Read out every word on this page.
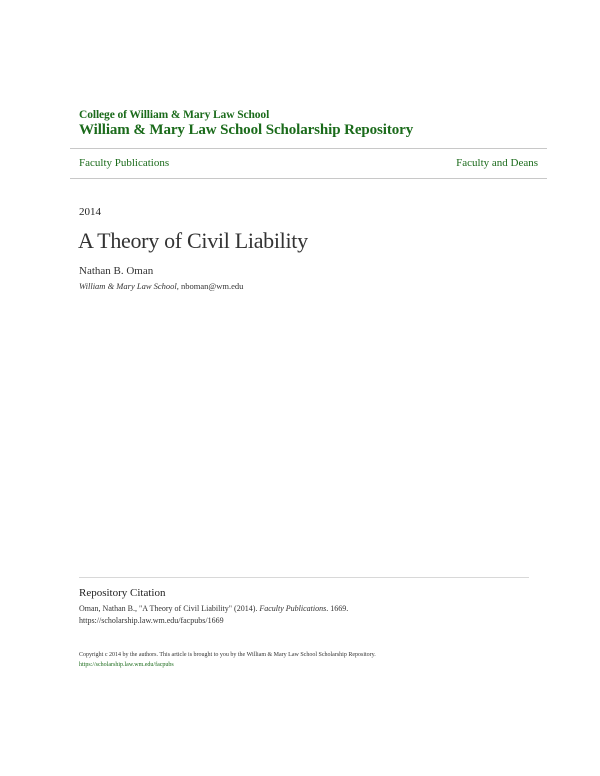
College of William & Mary Law School
William & Mary Law School Scholarship Repository
Faculty Publications	Faculty and Deans
2014
A Theory of Civil Liability
Nathan B. Oman
William & Mary Law School, nboman@wm.edu
Repository Citation
Oman, Nathan B., "A Theory of Civil Liability" (2014). Faculty Publications. 1669.
https://scholarship.law.wm.edu/facpubs/1669
Copyright c 2014 by the authors. This article is brought to you by the William & Mary Law School Scholarship Repository.
https://scholarship.law.wm.edu/facpubs
